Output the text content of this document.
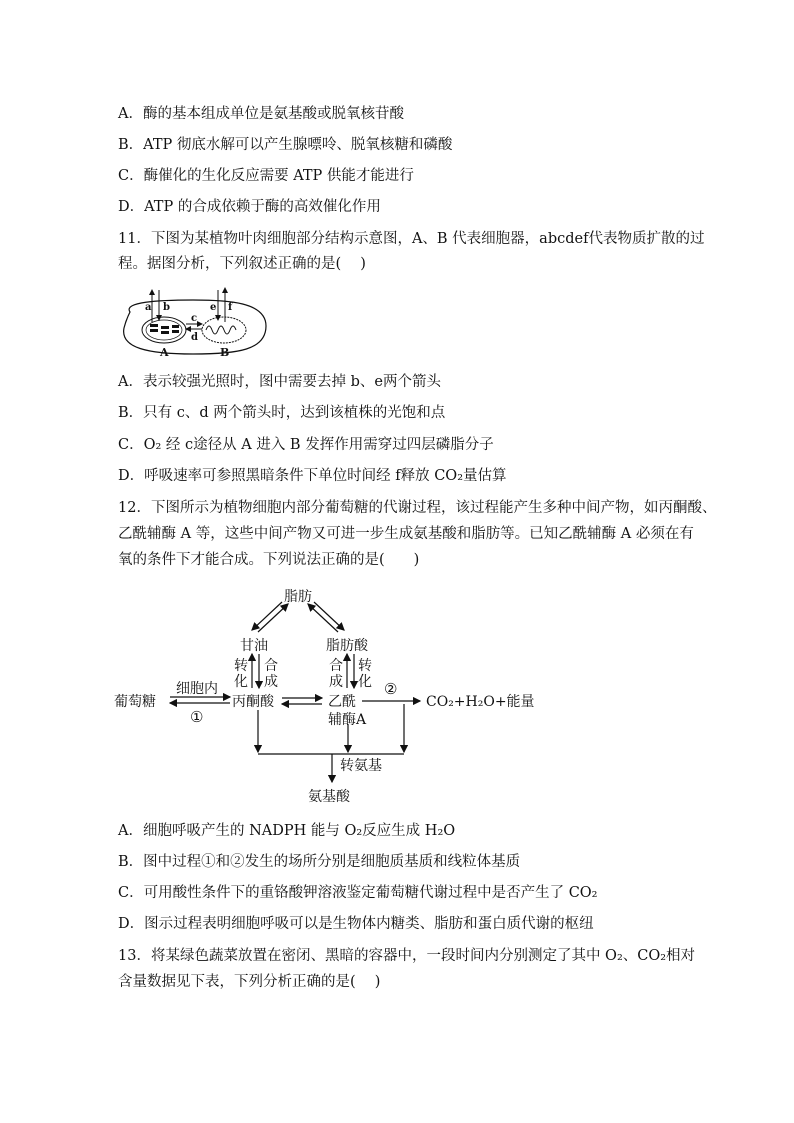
A．酶的基本组成单位是氨基酸或脱氧核苷酸
B．ATP 彻底水解可以产生腺嘌呤、脱氧核糖和磷酸
C．酶催化的生化反应需要 ATP 供能才能进行
D．ATP 的合成依赖于酶的高效催化作用
11．下图为某植物叶肉细胞部分结构示意图，A、B 代表细胞器，abcdef代表物质扩散的过
程。据图分析，下列叙述正确的是(　 )
a b
c
d
e f
A	B
A．表示较强光照时，图中需要去掉 b、e两个箭头
B．只有 c、d 两个箭头时，达到该植株的光饱和点
C．O₂ 经 c途径从 A 进入 B 发挥作用需穿过四层磷脂分子
D．呼吸速率可参照黑暗条件下单位时间经 f释放 CO₂量估算
12．下图所示为植物细胞内部分葡萄糖的代谢过程，该过程能产生多种中间产物，如丙酮酸、
乙酰辅酶 A 等，这些中间产物又可进一步生成氨基酸和脂肪等。已知乙酰辅酶 A 必须在有
氧的条件下才能合成。下列说法正确的是(　　)
脂肪
甘油	脂肪酸
转
化
合
成
合
成
转
化
葡萄糖
细胞内
①
丙酮酸	乙酰
辅酶A
②
CO₂+H₂O+能量
转氨基
氨基酸
A．细胞呼吸产生的 NADPH 能与 O₂反应生成 H₂O
B．图中过程①和②发生的场所分别是细胞质基质和线粒体基质
C．可用酸性条件下的重铬酸钾溶液鉴定葡萄糖代谢过程中是否产生了 CO₂
D．图示过程表明细胞呼吸可以是生物体内糖类、脂肪和蛋白质代谢的枢纽
13．将某绿色蔬菜放置在密闭、黑暗的容器中，一段时间内分别测定了其中 O₂、CO₂相对
含量数据见下表，下列分析正确的是(　 )
